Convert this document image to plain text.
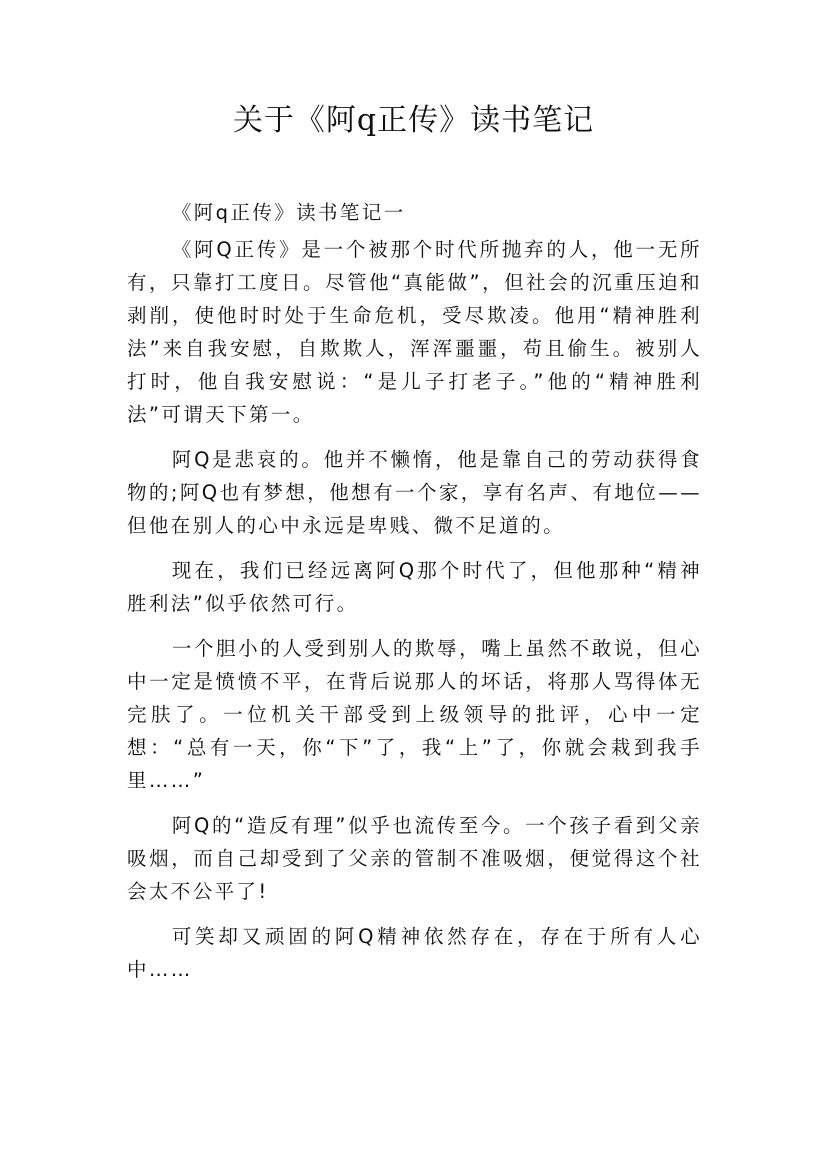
关于《阿q正传》读书笔记

《阿q正传》读书笔记一

《阿Q正传》是一个被那个时代所抛弃的人，他一无所有，只靠打工度日。尽管他“真能做”，但社会的沉重压迫和剥削，使他时时处于生命危机，受尽欺凌。他用“精神胜利法”来自我安慰，自欺欺人，浑浑噩噩，苟且偷生。被别人打时，他自我安慰说：“是儿子打老子。”他的“精神胜利法”可谓天下第一。

阿Q是悲哀的。他并不懒惰，他是靠自己的劳动获得食物的;阿Q也有梦想，他想有一个家，享有名声、有地位——但他在别人的心中永远是卑贱、微不足道的。

现在，我们已经远离阿Q那个时代了，但他那种“精神胜利法”似乎依然可行。

一个胆小的人受到别人的欺辱，嘴上虽然不敢说，但心中一定是愤愤不平，在背后说那人的坏话，将那人骂得体无完肤了。一位机关干部受到上级领导的批评，心中一定想：“总有一天，你“下”了，我“上”了，你就会栽到我手里……”

阿Q的“造反有理”似乎也流传至今。一个孩子看到父亲吸烟，而自己却受到了父亲的管制不准吸烟，便觉得这个社会太不公平了!

可笑却又顽固的阿Q精神依然存在，存在于所有人心中……
